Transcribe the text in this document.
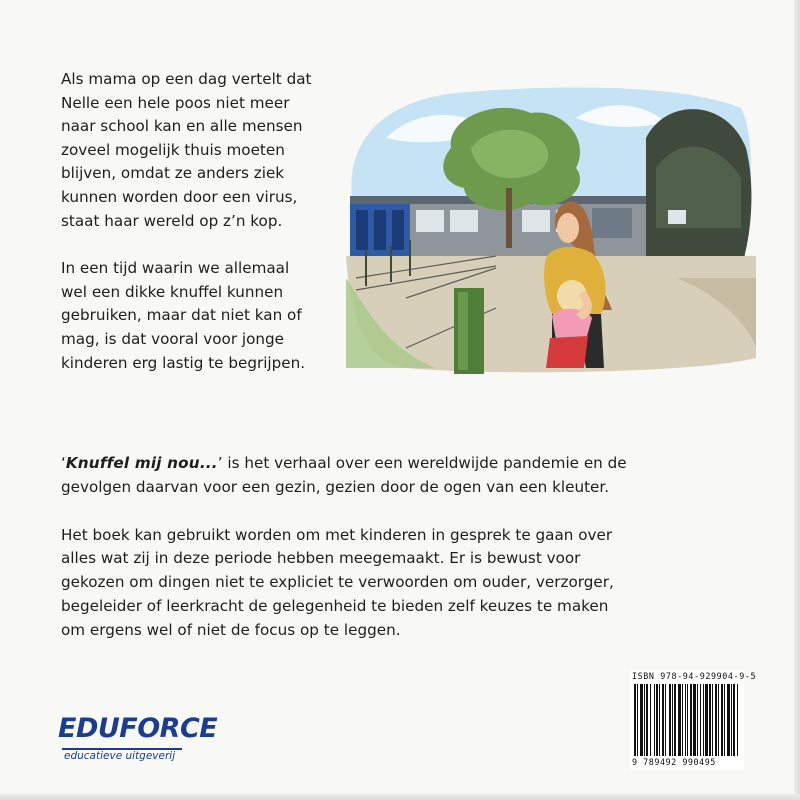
Als mama op een dag vertelt dat
Nelle een hele poos niet meer
naar school kan en alle mensen
zoveel mogelijk thuis moeten
blijven, omdat ze anders ziek
kunnen worden door een virus,
staat haar wereld op z’n kop.

In een tijd waarin we allemaal
wel een dikke knuffel kunnen
gebruiken, maar dat niet kan of
mag, is dat vooral voor jonge
kinderen erg lastig te begrijpen.

‘Knuffel mij nou...’ is het verhaal over een wereldwijde pandemie en de
gevolgen daarvan voor een gezin, gezien door de ogen van een kleuter.
Het boek kan gebruikt worden om met kinderen in gesprek te gaan over
alles wat zij in deze periode hebben meegemaakt. Er is bewust voor
gekozen om dingen niet te expliciet te verwoorden om ouder, verzorger,
begeleider of leerkracht de gelegenheid te bieden zelf keuzes te maken
om ergens wel of niet de focus op te leggen.
EDUFORCE
educatieve uitgeverij
ISBN 978-94-929904-9-5
9 789492 990495
